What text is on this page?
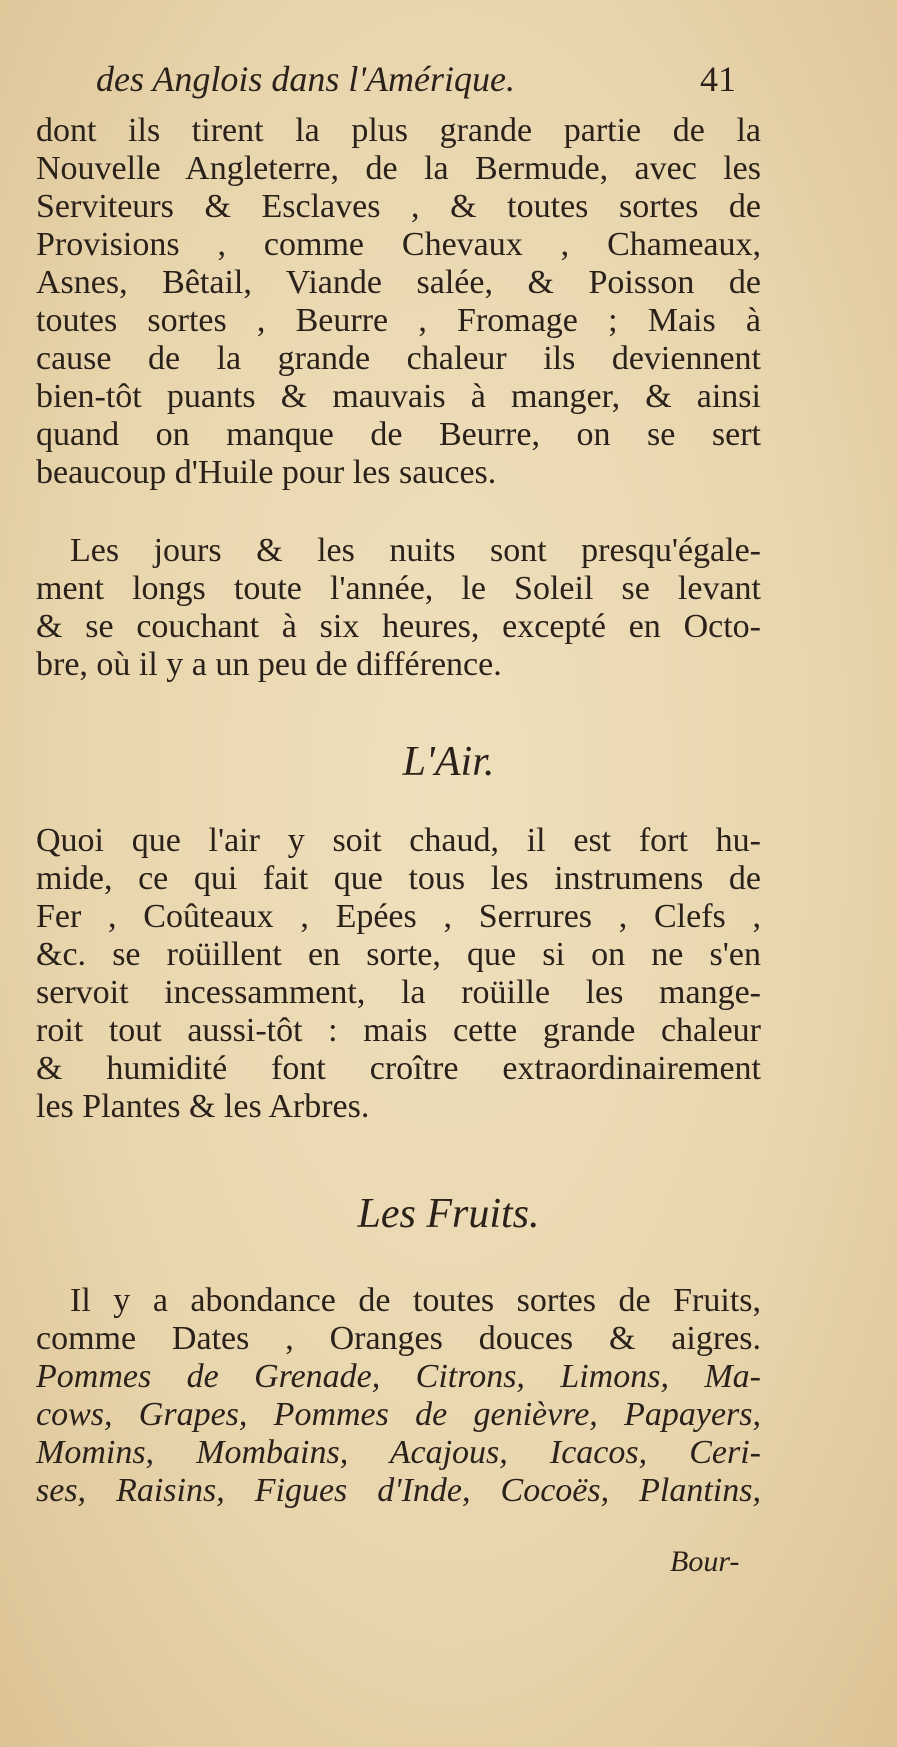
des Anglois dans l'Amérique.	41
dont ils tirent la plus grande partie de la
Nouvelle Angleterre, de la Bermude, avec les
Serviteurs & Esclaves , & toutes sortes de
Provisions , comme Chevaux , Chameaux,
Asnes, Bêtail, Viande salée, & Poisson de
toutes sortes , Beurre , Fromage ; Mais à
cause de la grande chaleur ils deviennent
bien-tôt puants & mauvais à manger, & ainsi
quand on manque de Beurre, on se sert
beaucoup d'Huile pour les sauces.
Les jours & les nuits sont presqu'égale-
ment longs toute l'année, le Soleil se levant
& se couchant à six heures, excepté en Octo-
bre, où il y a un peu de différence.
L'Air.
Quoi que l'air y soit chaud, il est fort hu-
mide, ce qui fait que tous les instrumens de
Fer , Coûteaux , Epées , Serrures , Clefs ,
&c. se roüillent en sorte, que si on ne s'en
servoit incessamment, la roüille les mange-
roit tout aussi-tôt : mais cette grande chaleur
& humidité font croître extraordinairement
les Plantes & les Arbres.
Les Fruits.
Il y a abondance de toutes sortes de Fruits,
comme Dates , Oranges douces & aigres.
Pommes de Grenade, Citrons, Limons, Ma-
cows, Grapes, Pommes de genièvre, Papayers,
Momins, Mombains, Acajous, Icacos, Ceri-
ses, Raisins, Figues d'Inde, Cocoës, Plantins,
Bour-
